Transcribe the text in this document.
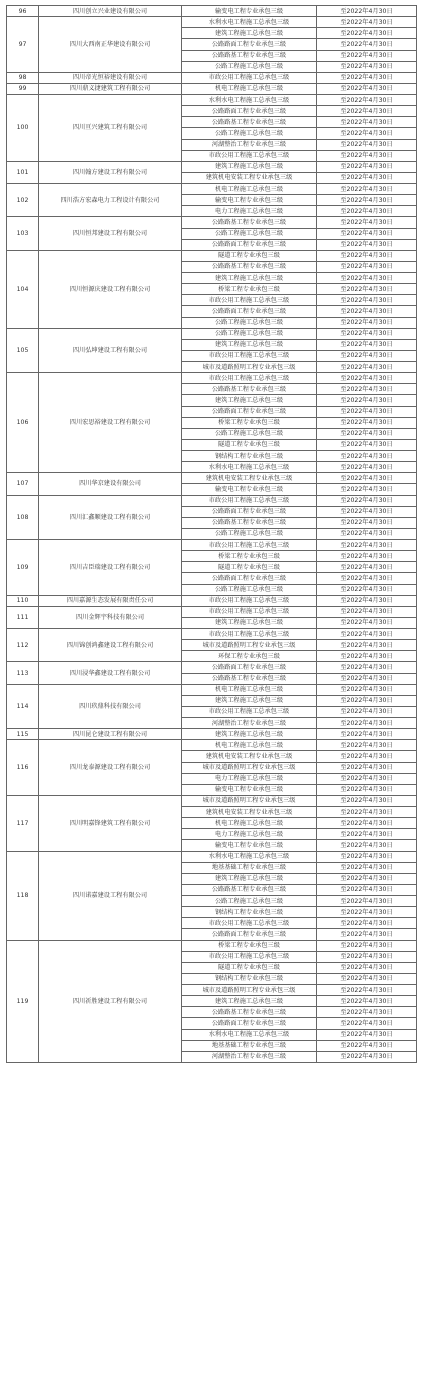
96	四川创立兴业建设有限公司	输变电工程专业承包三级	至2022年4月30日
97	四川大西南正华建设有限公司	水利水电工程施工总承包三级	至2022年4月30日
		建筑工程施工总承包三级	至2022年4月30日
		公路路面工程专业承包三级	至2022年4月30日
		公路路基工程专业承包三级	至2022年4月30日
		公路工程施工总承包三级	至2022年4月30日
98	四川帝光恒裕建设有限公司	市政公用工程施工总承包三级	至2022年4月30日
99	四川鼎义捷建筑工程有限公司	机电工程施工总承包三级	至2022年4月30日
100	四川亘兴建筑工程有限公司	水利水电工程施工总承包三级	至2022年4月30日
		公路路面工程专业承包三级	至2022年4月30日
		公路路基工程专业承包三级	至2022年4月30日
		公路工程施工总承包三级	至2022年4月30日
		河湖整治工程专业承包三级	至2022年4月30日
		市政公用工程施工总承包三级	至2022年4月30日
101	四川翰方建设工程有限公司	建筑工程施工总承包三级	至2022年4月30日
		建筑机电安装工程专业承包三级	至2022年4月30日
102	四川浩方宏森电力工程设计有限公司	机电工程施工总承包三级	至2022年4月30日
		输变电工程专业承包三级	至2022年4月30日
		电力工程施工总承包三级	至2022年4月30日
103	四川恒邦建设工程有限公司	公路路基工程专业承包三级	至2022年4月30日
		公路工程施工总承包三级	至2022年4月30日
		公路路面工程专业承包三级	至2022年4月30日
104	四川恒源庆建设工程有限公司	隧道工程专业承包三级	至2022年4月30日
		公路路基工程专业承包三级	至2022年4月30日
		建筑工程施工总承包三级	至2022年4月30日
		桥梁工程专业承包三级	至2022年4月30日
		市政公用工程施工总承包三级	至2022年4月30日
		公路路面工程专业承包三级	至2022年4月30日
		公路工程施工总承包三级	至2022年4月30日
105	四川弘坤建设工程有限公司	公路工程施工总承包三级	至2022年4月30日
		建筑工程施工总承包三级	至2022年4月30日
		市政公用工程施工总承包三级	至2022年4月30日
		城市及道路照明工程专业承包三级	至2022年4月30日
106	四川宏思裕建设工程有限公司	市政公用工程施工总承包三级	至2022年4月30日
		公路路基工程专业承包三级	至2022年4月30日
		建筑工程施工总承包三级	至2022年4月30日
		公路路面工程专业承包三级	至2022年4月30日
		桥梁工程专业承包三级	至2022年4月30日
		公路工程施工总承包三级	至2022年4月30日
		隧道工程专业承包三级	至2022年4月30日
		钢结构工程专业承包三级	至2022年4月30日
		水利水电工程施工总承包三级	至2022年4月30日
107	四川华京建设有限公司	建筑机电安装工程专业承包三级	至2022年4月30日
		输变电工程专业承包三级	至2022年4月30日
108	四川汇鑫顺建设工程有限公司	市政公用工程施工总承包三级	至2022年4月30日
		公路路面工程专业承包三级	至2022年4月30日
		公路路基工程专业承包三级	至2022年4月30日
		公路工程施工总承包三级	至2022年4月30日
109	四川吉臣瑞建设工程有限公司	市政公用工程施工总承包三级	至2022年4月30日
		桥梁工程专业承包三级	至2022年4月30日
		隧道工程专业承包三级	至2022年4月30日
		公路路面工程专业承包三级	至2022年4月30日
		公路工程施工总承包三级	至2022年4月30日
110	四川嘉源生态发展有限责任公司	市政公用工程施工总承包三级	至2022年4月30日
111	四川金辉宇科技有限公司	市政公用工程施工总承包三级	至2022年4月30日
		建筑工程施工总承包三级	至2022年4月30日
112	四川锦创鸿鑫建设工程有限公司	市政公用工程施工总承包三级	至2022年4月30日
		城市及道路照明工程专业承包三级	至2022年4月30日
		环保工程专业承包三级	至2022年4月30日
113	四川浸华鑫建设工程有限公司	公路路面工程专业承包三级	至2022年4月30日
		公路路基工程专业承包三级	至2022年4月30日
114	四川玖鼎科技有限公司	机电工程施工总承包三级	至2022年4月30日
		建筑工程施工总承包三级	至2022年4月30日
		市政公用工程施工总承包三级	至2022年4月30日
		河湖整治工程专业承包三级	至2022年4月30日
115	四川昆仑建设工程有限公司	建筑工程施工总承包三级	至2022年4月30日
116	四川龙泰源建设工程有限公司	机电工程施工总承包三级	至2022年4月30日
		建筑机电安装工程专业承包三级	至2022年4月30日
		城市及道路照明工程专业承包三级	至2022年4月30日
		电力工程施工总承包三级	至2022年4月30日
		输变电工程专业承包三级	至2022年4月30日
117	四川明嘉锋建筑工程有限公司	城市及道路照明工程专业承包三级	至2022年4月30日
		建筑机电安装工程专业承包三级	至2022年4月30日
		机电工程施工总承包三级	至2022年4月30日
		电力工程施工总承包三级	至2022年4月30日
		输变电工程专业承包三级	至2022年4月30日
118	四川诺嘉建设工程有限公司	水利水电工程施工总承包三级	至2022年4月30日
		地基基础工程专业承包三级	至2022年4月30日
		建筑工程施工总承包三级	至2022年4月30日
		公路路基工程专业承包三级	至2022年4月30日
		公路工程施工总承包三级	至2022年4月30日
		钢结构工程专业承包三级	至2022年4月30日
		市政公用工程施工总承包三级	至2022年4月30日
		公路路面工程专业承包三级	至2022年4月30日
119	四川祈胜建设工程有限公司	桥梁工程专业承包三级	至2022年4月30日
		市政公用工程施工总承包三级	至2022年4月30日
		隧道工程专业承包三级	至2022年4月30日
		钢结构工程专业承包三级	至2022年4月30日
		城市及道路照明工程专业承包三级	至2022年4月30日
		建筑工程施工总承包三级	至2022年4月30日
		公路路基工程专业承包三级	至2022年4月30日
		公路路面工程专业承包三级	至2022年4月30日
		水利水电工程施工总承包三级	至2022年4月30日
		地基基础工程专业承包三级	至2022年4月30日
		河湖整治工程专业承包三级	至2022年4月30日
